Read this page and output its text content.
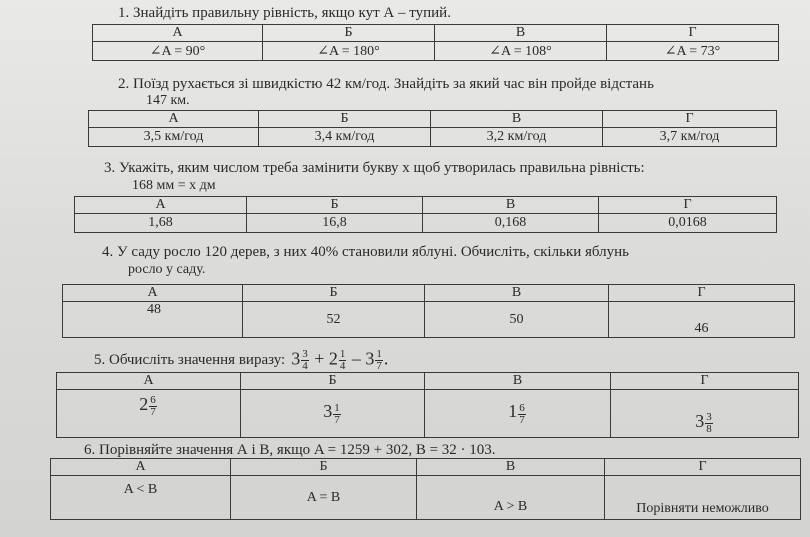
1. Знайдіть правильну рівність, якщо кут А – тупий.
А	Б	В	Г
∠A = 90°	∠A = 180°	∠A = 108°	∠A = 73°
2. Поїзд рухається зі швидкістю 42 км/год. Знайдіть за який час він пройде відстань
147 км.
А	Б	В	Г
3,5 км/год	3,4 км/год	3,2 км/год	3,7 км/год
3. Укажіть, яким числом треба замінити букву x щоб утворилась правильна рівність:
168 мм = x дм
А	Б	В	Г
1,68	16,8	0,168	0,0168
4. У саду росло 120 дерев, з них 40% становили яблуні. Обчисліть, скільки яблунь
росло у саду.
А	Б	В	Г
48	52	50	46
5. Обчисліть значення виразу: $3 \frac{3}{4} + 2 \frac{1}{4} - 3 \frac{1}{7}$ .
А	Б	В	Г
$2 \frac{6}{7}$	$3 \frac{1}{7}$	$1 \frac{6}{7}$	$3 \frac{3}{8}$
6. Порівняйте значення А і В, якщо A = 1259 + 302, B = 32 · 103.
А	Б	В	Г
A < B	A = B	A > B	Порівняти неможливо
